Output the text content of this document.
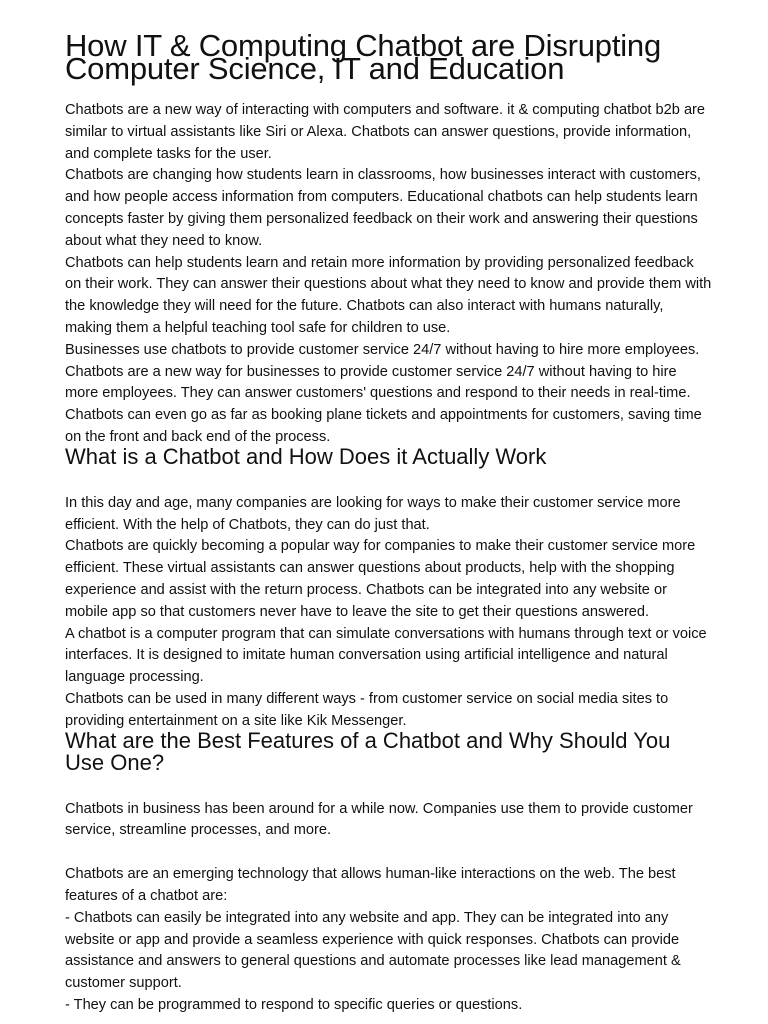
How IT & Computing Chatbot are Disrupting Computer Science, IT and Education

Chatbots are a new way of interacting with computers and software. it & computing chatbot b2b are similar to virtual assistants like Siri or Alexa. Chatbots can answer questions, provide information, and complete tasks for the user.

Chatbots are changing how students learn in classrooms, how businesses interact with customers, and how people access information from computers. Educational chatbots can help students learn concepts faster by giving them personalized feedback on their work and answering their questions about what they need to know.

Chatbots can help students learn and retain more information by providing personalized feedback on their work. They can answer their questions about what they need to know and provide them with the knowledge they will need for the future. Chatbots can also interact with humans naturally, making them a helpful teaching tool safe for children to use.

Businesses use chatbots to provide customer service 24/7 without having to hire more employees. Chatbots are a new way for businesses to provide customer service 24/7 without having to hire more employees. They can answer customers' questions and respond to their needs in real-time. Chatbots can even go as far as booking plane tickets and appointments for customers, saving time on the front and back end of the process.

What is a Chatbot and How Does it Actually Work

In this day and age, many companies are looking for ways to make their customer service more efficient. With the help of Chatbots, they can do just that.

Chatbots are quickly becoming a popular way for companies to make their customer service more efficient. These virtual assistants can answer questions about products, help with the shopping experience and assist with the return process. Chatbots can be integrated into any website or mobile app so that customers never have to leave the site to get their questions answered.

A chatbot is a computer program that can simulate conversations with humans through text or voice interfaces. It is designed to imitate human conversation using artificial intelligence and natural language processing.

Chatbots can be used in many different ways - from customer service on social media sites to providing entertainment on a site like Kik Messenger.

What are the Best Features of a Chatbot and Why Should You Use One?

Chatbots in business has been around for a while now. Companies use them to provide customer service, streamline processes, and more.

Chatbots are an emerging technology that allows human-like interactions on the web. The best features of a chatbot are:

- Chatbots can easily be integrated into any website and app. They can be integrated into any website or app and provide a seamless experience with quick responses. Chatbots can provide assistance and answers to general questions and automate processes like lead management & customer support.

- They can be programmed to respond to specific queries or questions.
